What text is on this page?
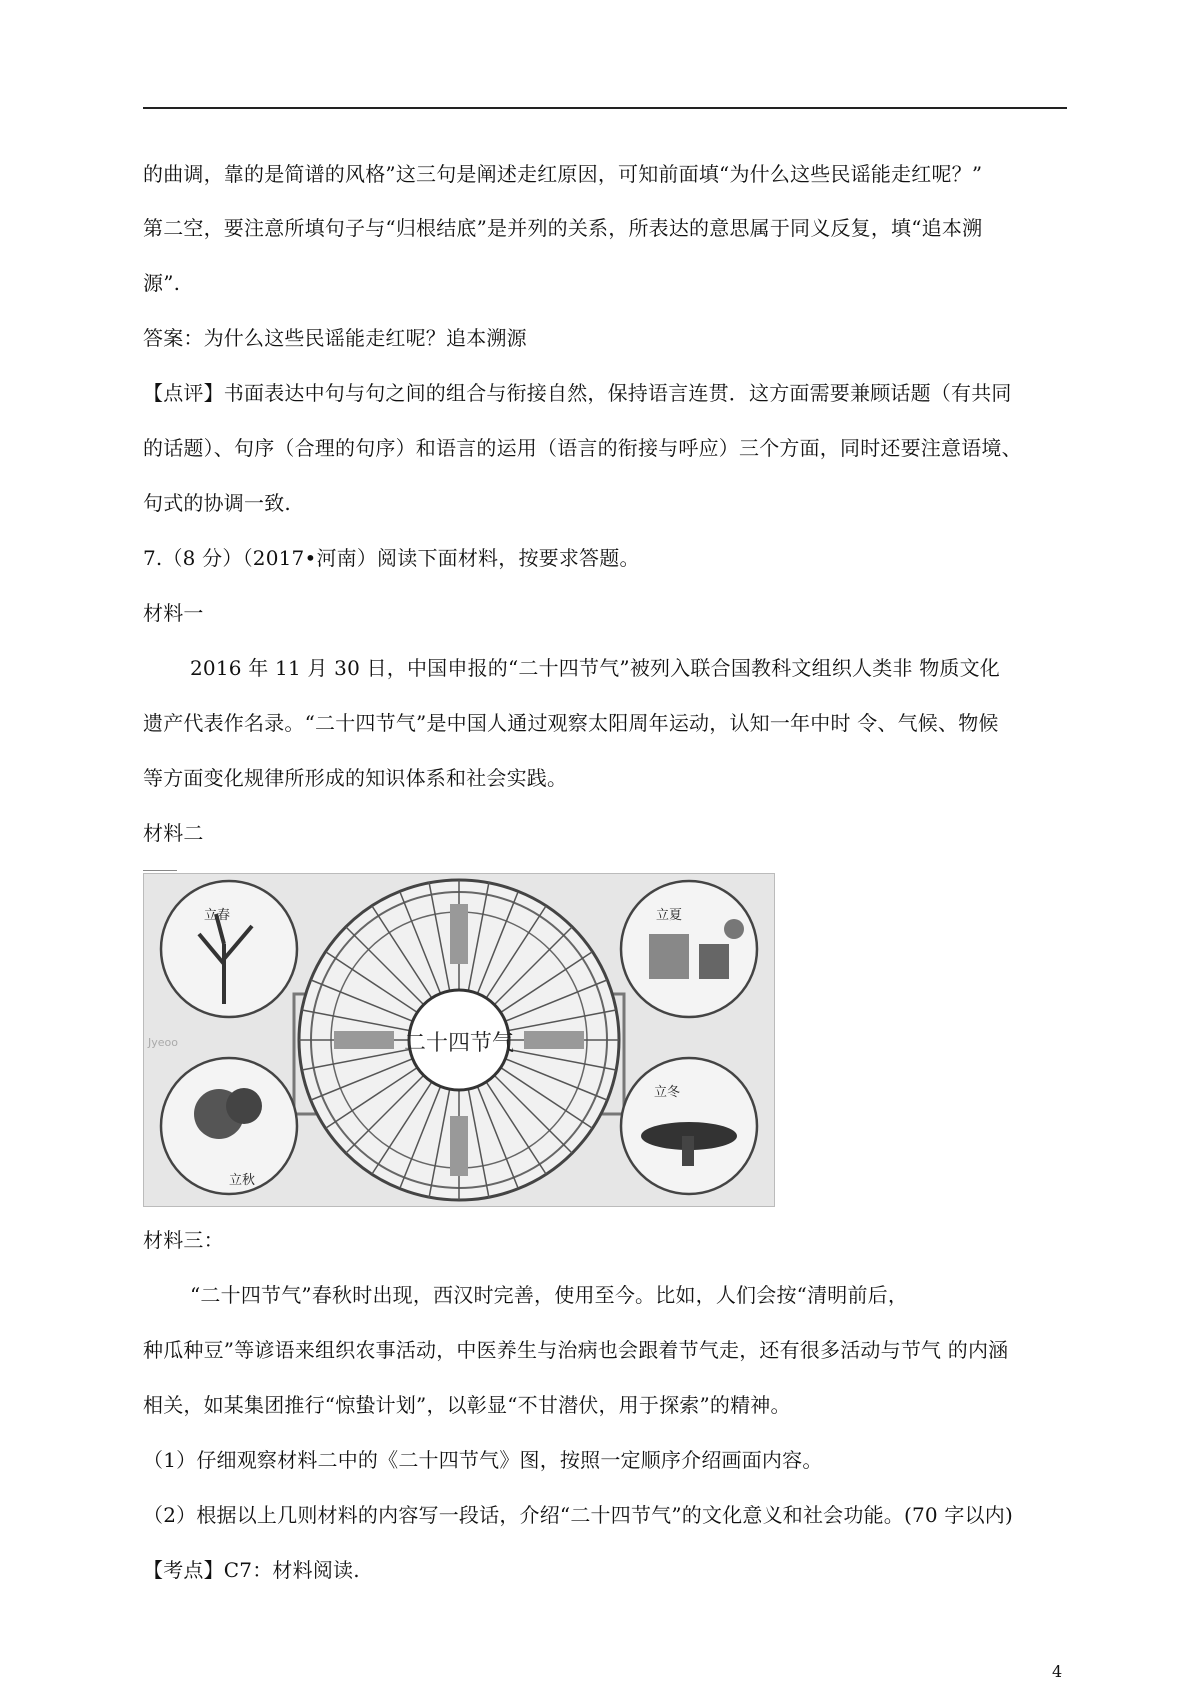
的曲调，靠的是简谱的风格”这三句是阐述走红原因，可知前面填“为什么这些民谣能走红呢？”
第二空，要注意所填句子与“归根结底”是并列的关系，所表达的意思属于同义反复，填“追本溯
源”.
答案：为什么这些民谣能走红呢？追本溯源
【点评】书面表达中句与句之间的组合与衔接自然，保持语言连贯．这方面需要兼顾话题（有共同
的话题）、句序（合理的句序）和语言的运用（语言的衔接与呼应）三个方面，同时还要注意语境、
句式的协调一致.
7.（8 分）（2017•河南）阅读下面材料，按要求答题。
材料一
2016 年 11 月 30 日，中国申报的“二十四节气”被列入联合国教科文组织人类非 物质文化
遗产代表作名录。“二十四节气”是中国人通过观察太阳周年运动，认知一年中时 令、气候、物候
等方面变化规律所形成的知识体系和社会实践。
材料二
二十四节气
立春	立夏
立秋
立冬
Jyeoo
材料三：
“二十四节气”春秋时出现，西汉时完善，使用至今。比如，人们会按“清明前后，
种瓜种豆”等谚语来组织农事活动，中医养生与治病也会跟着节气走，还有很多活动与节气 的内涵
相关，如某集团推行“惊蛰计划”，以彰显“不甘潜伏，用于探索”的精神。
（1）仔细观察材料二中的《二十四节气》图，按照一定顺序介绍画面内容。
（2）根据以上几则材料的内容写一段话，介绍“二十四节气”的文化意义和社会功能。(70 字以内)
【考点】C7：材料阅读.
4
